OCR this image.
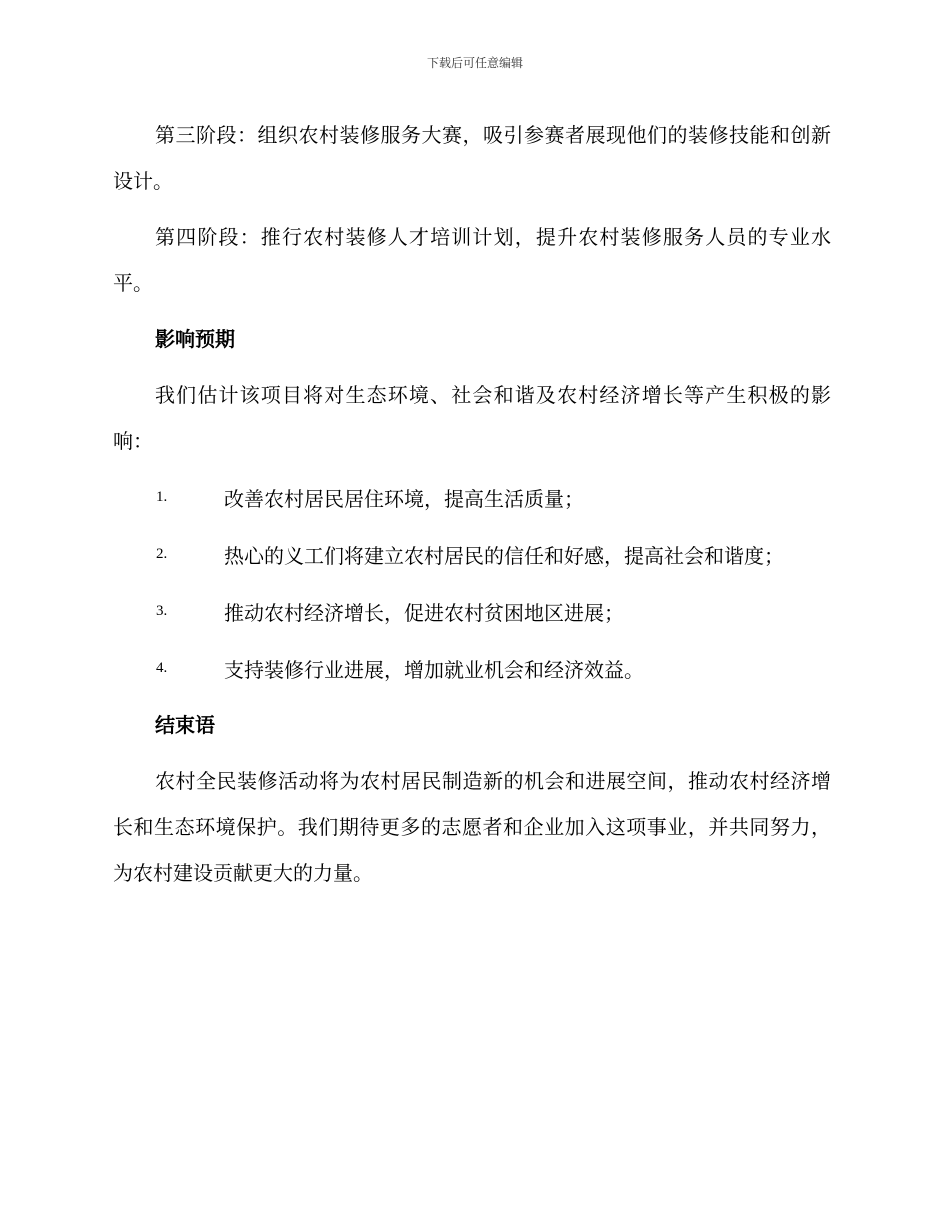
下载后可任意编辑

第三阶段：组织农村装修服务大赛，吸引参赛者展现他们的装修技能和创新设计。

第四阶段：推行农村装修人才培训计划，提升农村装修服务人员的专业水平。

影响预期

我们估计该项目将对生态环境、社会和谐及农村经济增长等产生积极的影响：

1.	改善农村居民居住环境，提高生活质量；
2.	热心的义工们将建立农村居民的信任和好感，提高社会和谐度；
3.	推动农村经济增长，促进农村贫困地区进展；
4.	支持装修行业进展，增加就业机会和经济效益。
结束语

农村全民装修活动将为农村居民制造新的机会和进展空间，推动农村经济增长和生态环境保护。我们期待更多的志愿者和企业加入这项事业，并共同努力，为农村建设贡献更大的力量。
